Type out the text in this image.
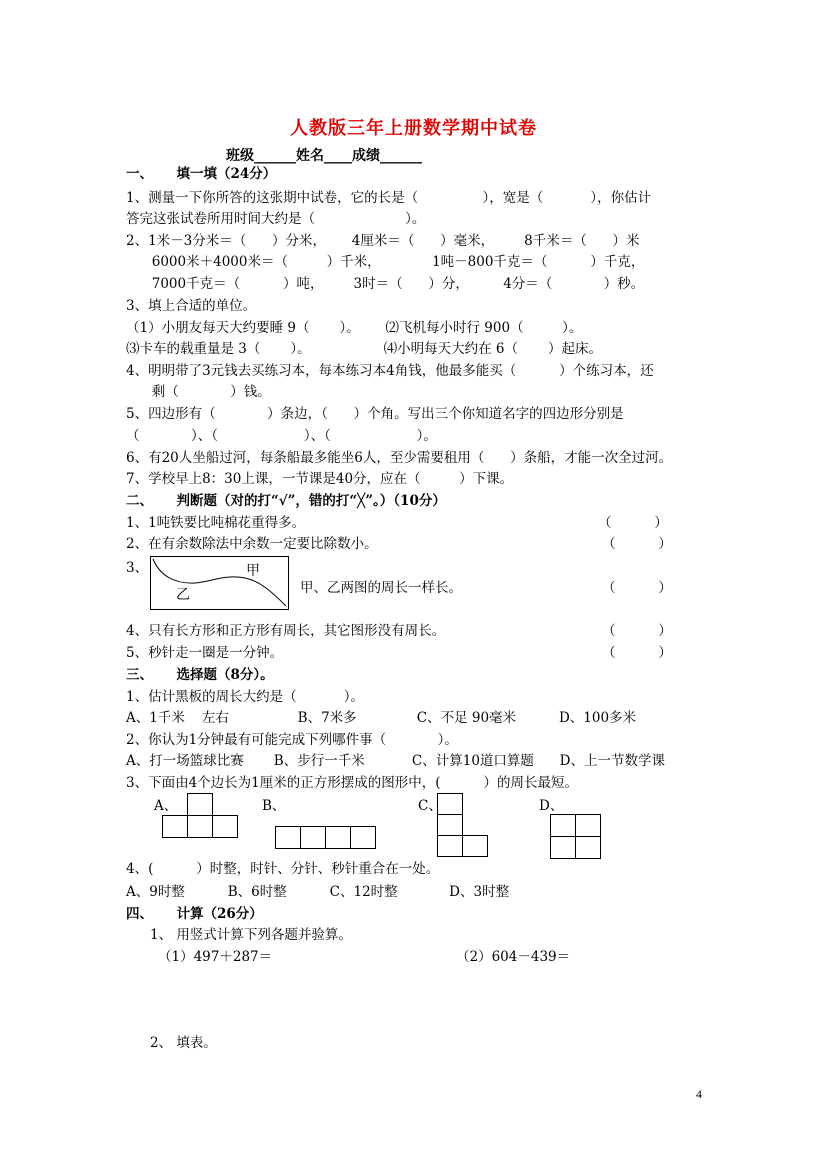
人教版三年上册数学期中试卷
班级______姓名____成绩______
一、     填一填（24分）
1、测量一下你所答的这张期中试卷，它的长是（               ），宽是（           ），你估计
答完这张试卷所用时间大约是（                     ）。
2、1米－3分米＝（      ）分米，      4厘米＝（      ）毫米，       8千米＝（      ）米
6000米＋4000米＝（         ）千米，            1吨－800千克＝（          ）千克，
7000千克＝（          ）吨，       3时＝（      ）分，        4分＝（            ）秒。
3、填上合适的单位。
（1）小朋友每天大约要睡 9（       ）。      ⑵飞机每小时行 900（         ）。
⑶卡车的载重量是 3（       ）。                 ⑷小明每天大约在 6（       ）起床。
4、明明带了3元钱去买练习本，每本练习本4角钱，他最多能买（          ）个练习本，还
剩（            ）钱。
5、四边形有（            ）条边，（      ）个角。写出三个你知道名字的四边形分别是
（            ）、（                    ）、（                    ）。
6、有20人坐船过河，每条船最多能坐6人，至少需要租用（      ）条船，才能一次全过河。
7、学校早上8：30上课，一节课是40分，应在（         ）下课。
二、     判断题（对的打“√”，错的打“╳”。）（10分）
1、1吨铁要比吨棉花重得多。	（          ）
2、在有余数除法中余数一定要比除数小。	（          ）
3、	甲
乙	甲、乙两图的周长一样长。	（          ）
4、只有长方形和正方形有周长，其它图形没有周长。	（          ）
5、秒针走一圈是一分钟。	（          ）
三、     选择题（8分）。
1、估计黑板的周长大约是（           ）。
A、1千米    左右                B、7米多              C、不足 90毫米          D、100多米
2、你认为1分钟最有可能完成下列哪件事（            ）。
A、打一场篮球比赛       B、步行一千米           C、计算10道口算题      D、上一节数学课
3、下面由4个边长为1厘米的正方形摆成的图形中，(          ）的周长最短。
A、	B、	C、	D、
4、(          ）时整，时针、分针、秒针重合在一处。
A、9时整          B、6时整          C、12时整            D、3时整
四、     计算（26分）
1、 用竖式计算下列各题并验算。
（1）497＋287＝	（2）604－439＝
2、 填表。
4
